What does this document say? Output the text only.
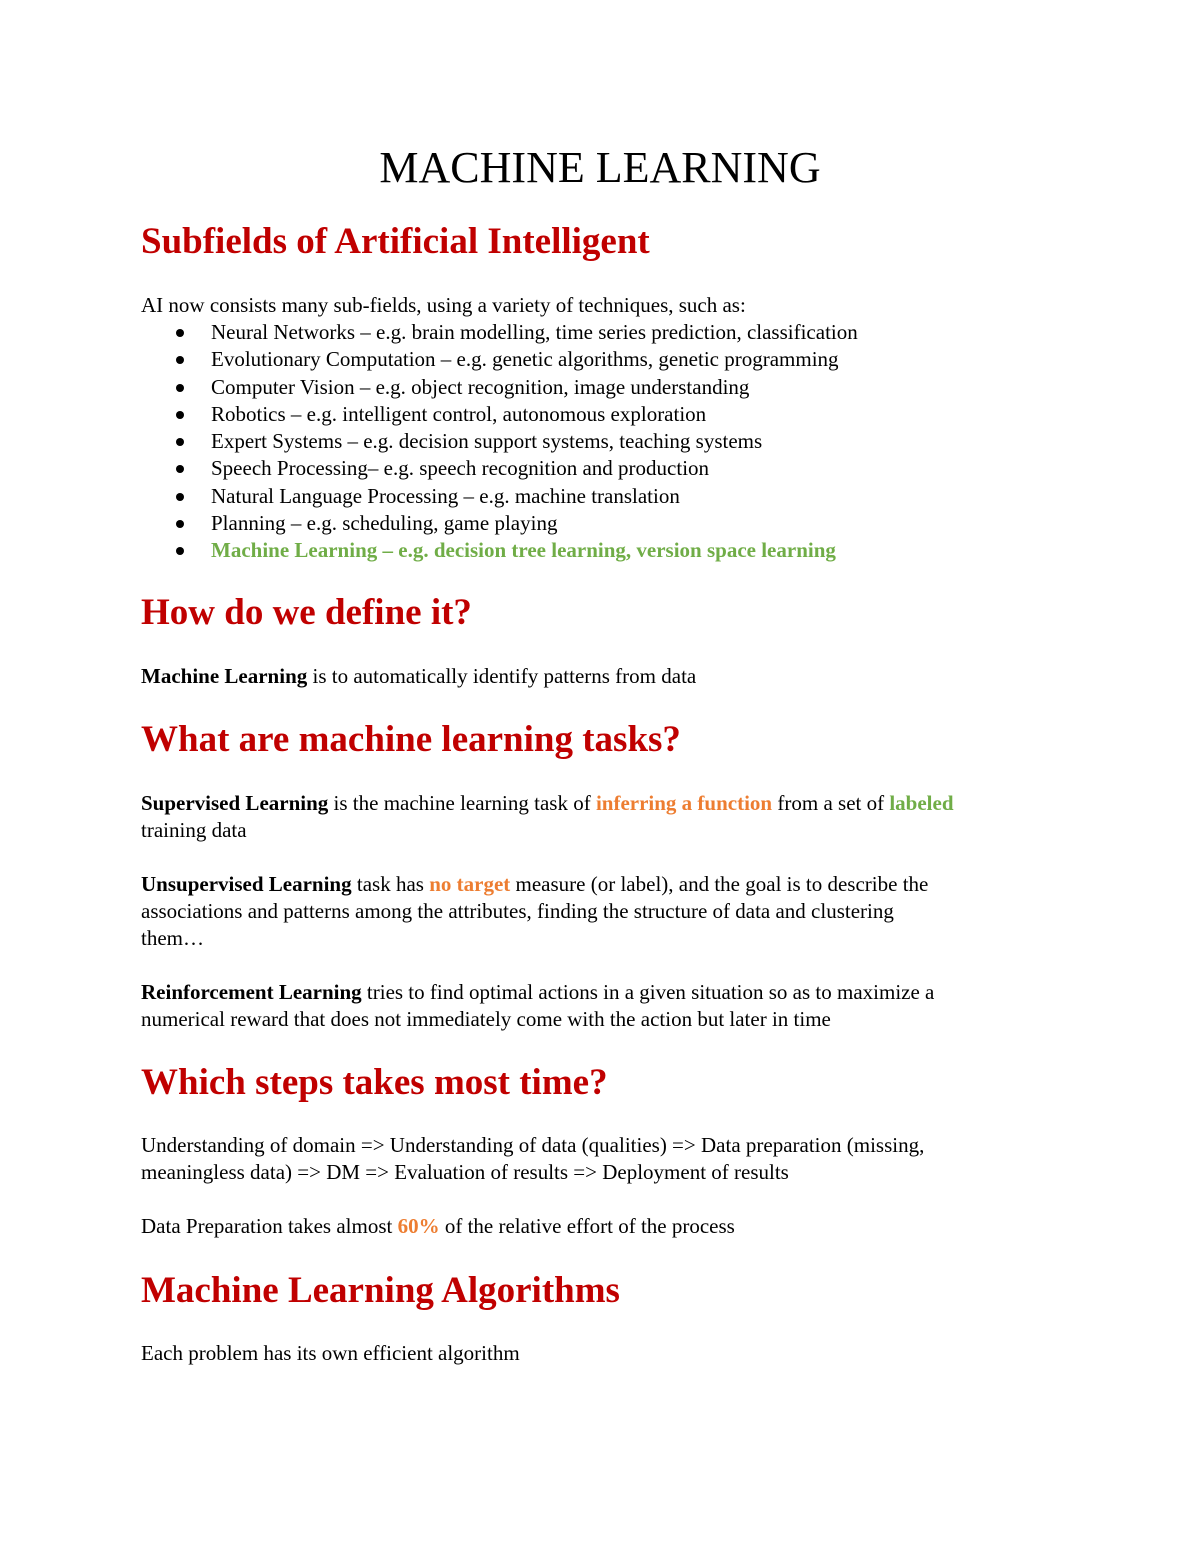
MACHINE LEARNING
Subfields of Artificial Intelligent
AI now consists many sub-fields, using a variety of techniques, such as:
Neural Networks – e.g. brain modelling, time series prediction, classification
Evolutionary Computation – e.g. genetic algorithms, genetic programming
Computer Vision – e.g. object recognition, image understanding
Robotics – e.g. intelligent control, autonomous exploration
Expert Systems – e.g. decision support systems, teaching systems
Speech Processing– e.g. speech recognition and production
Natural Language Processing – e.g. machine translation
Planning – e.g. scheduling, game playing
Machine Learning – e.g. decision tree learning, version space learning
How do we define it?
Machine Learning is to automatically identify patterns from data
What are machine learning tasks?
Supervised Learning is the machine learning task of inferring a function from a set of labeled
training data
Unsupervised Learning task has no target measure (or label), and the goal is to describe the
associations and patterns among the attributes, finding the structure of data and clustering
them…
Reinforcement Learning tries to find optimal actions in a given situation so as to maximize a
numerical reward that does not immediately come with the action but later in time
Which steps takes most time?
Understanding of domain => Understanding of data (qualities) => Data preparation (missing,
meaningless data) => DM => Evaluation of results => Deployment of results
Data Preparation takes almost 60% of the relative effort of the process
Machine Learning Algorithms
Each problem has its own efficient algorithm
